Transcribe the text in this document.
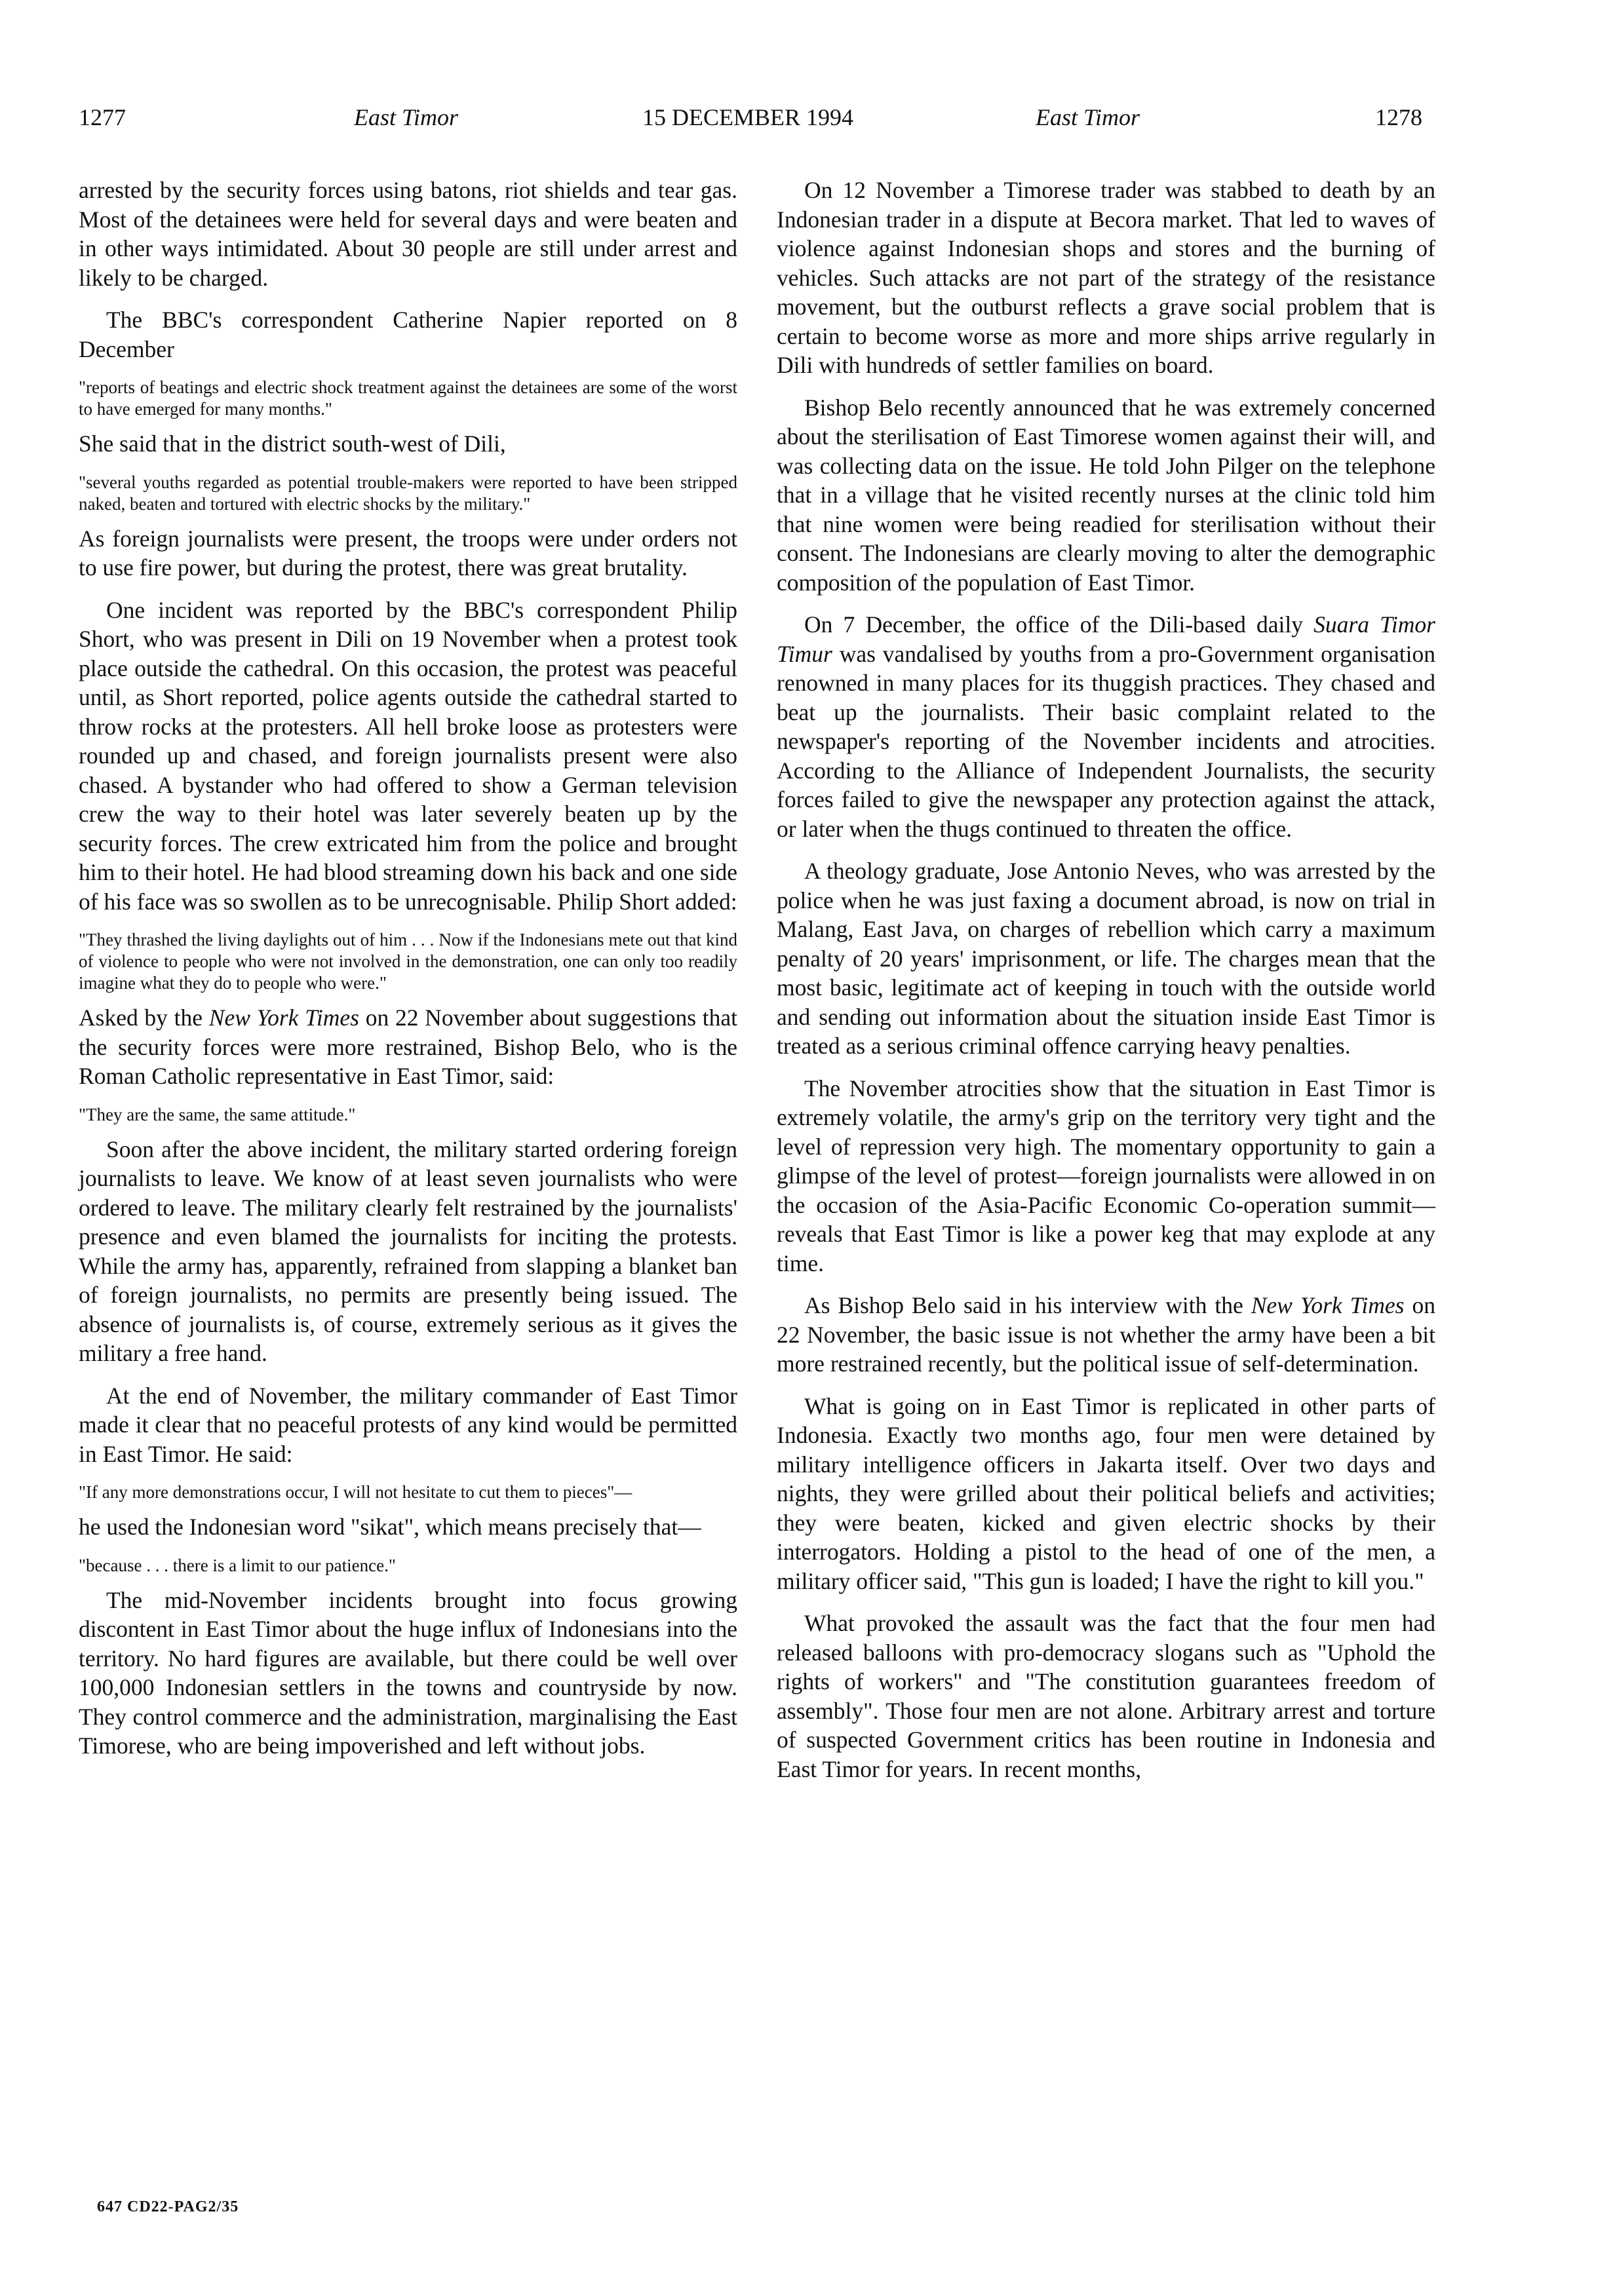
1277	East Timor	15 DECEMBER 1994	East Timor	1278

arrested by the security forces using batons, riot shields and tear gas. Most of the detainees were held for several days and were beaten and in other ways intimidated. About 30 people are still under arrest and likely to be charged.

The BBC's correspondent Catherine Napier reported on 8 December

"reports of beatings and electric shock treatment against the detainees are some of the worst to have emerged for many months."

She said that in the district south-west of Dili,

"several youths regarded as potential trouble-makers were reported to have been stripped naked, beaten and tortured with electric shocks by the military."

As foreign journalists were present, the troops were under orders not to use fire power, but during the protest, there was great brutality.

One incident was reported by the BBC's correspondent Philip Short, who was present in Dili on 19 November when a protest took place outside the cathedral. On this occasion, the protest was peaceful until, as Short reported, police agents outside the cathedral started to throw rocks at the protesters. All hell broke loose as protesters were rounded up and chased, and foreign journalists present were also chased. A bystander who had offered to show a German television crew the way to their hotel was later severely beaten up by the security forces. The crew extricated him from the police and brought him to their hotel. He had blood streaming down his back and one side of his face was so swollen as to be unrecognisable. Philip Short added:

"They thrashed the living daylights out of him . . . Now if the Indonesians mete out that kind of violence to people who were not involved in the demonstration, one can only too readily imagine what they do to people who were."

Asked by the New York Times on 22 November about suggestions that the security forces were more restrained, Bishop Belo, who is the Roman Catholic representative in East Timor, said:

"They are the same, the same attitude."

Soon after the above incident, the military started ordering foreign journalists to leave. We know of at least seven journalists who were ordered to leave. The military clearly felt restrained by the journalists' presence and even blamed the journalists for inciting the protests. While the army has, apparently, refrained from slapping a blanket ban of foreign journalists, no permits are presently being issued. The absence of journalists is, of course, extremely serious as it gives the military a free hand.

At the end of November, the military commander of East Timor made it clear that no peaceful protests of any kind would be permitted in East Timor. He said:

"If any more demonstrations occur, I will not hesitate to cut them to pieces"—

he used the Indonesian word "sikat", which means precisely that—

"because . . . there is a limit to our patience."

The mid-November incidents brought into focus growing discontent in East Timor about the huge influx of Indonesians into the territory. No hard figures are available, but there could be well over 100,000 Indonesian settlers in the towns and countryside by now. They control commerce and the administration, marginalising the East Timorese, who are being impoverished and left without jobs.

On 12 November a Timorese trader was stabbed to death by an Indonesian trader in a dispute at Becora market. That led to waves of violence against Indonesian shops and stores and the burning of vehicles. Such attacks are not part of the strategy of the resistance movement, but the outburst reflects a grave social problem that is certain to become worse as more and more ships arrive regularly in Dili with hundreds of settler families on board.

Bishop Belo recently announced that he was extremely concerned about the sterilisation of East Timorese women against their will, and was collecting data on the issue. He told John Pilger on the telephone that in a village that he visited recently nurses at the clinic told him that nine women were being readied for sterilisation without their consent. The Indonesians are clearly moving to alter the demographic composition of the population of East Timor.

On 7 December, the office of the Dili-based daily Suara Timor Timur was vandalised by youths from a pro-Government organisation renowned in many places for its thuggish practices. They chased and beat up the journalists. Their basic complaint related to the newspaper's reporting of the November incidents and atrocities. According to the Alliance of Independent Journalists, the security forces failed to give the newspaper any protection against the attack, or later when the thugs continued to threaten the office.

A theology graduate, Jose Antonio Neves, who was arrested by the police when he was just faxing a document abroad, is now on trial in Malang, East Java, on charges of rebellion which carry a maximum penalty of 20 years' imprisonment, or life. The charges mean that the most basic, legitimate act of keeping in touch with the outside world and sending out information about the situation inside East Timor is treated as a serious criminal offence carrying heavy penalties.

The November atrocities show that the situation in East Timor is extremely volatile, the army's grip on the territory very tight and the level of repression very high. The momentary opportunity to gain a glimpse of the level of protest—foreign journalists were allowed in on the occasion of the Asia-Pacific Economic Co-operation summit—reveals that East Timor is like a power keg that may explode at any time.

As Bishop Belo said in his interview with the New York Times on 22 November, the basic issue is not whether the army have been a bit more restrained recently, but the political issue of self-determination.

What is going on in East Timor is replicated in other parts of Indonesia. Exactly two months ago, four men were detained by military intelligence officers in Jakarta itself. Over two days and nights, they were grilled about their political beliefs and activities; they were beaten, kicked and given electric shocks by their interrogators. Holding a pistol to the head of one of the men, a military officer said, "This gun is loaded; I have the right to kill you."

What provoked the assault was the fact that the four men had released balloons with pro-democracy slogans such as "Uphold the rights of workers" and "The constitution guarantees freedom of assembly". Those four men are not alone. Arbitrary arrest and torture of suspected Government critics has been routine in Indonesia and East Timor for years. In recent months,

647 CD22-PAG2/35
